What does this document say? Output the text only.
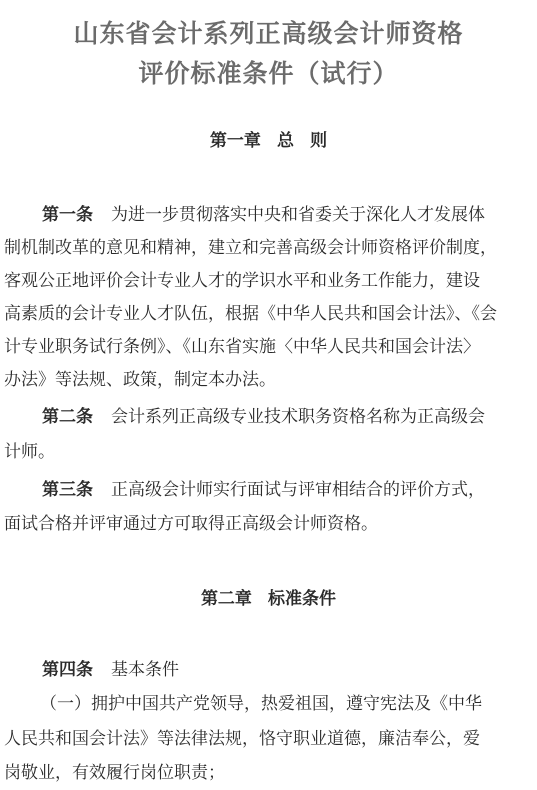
山东省会计系列正高级会计师资格
评价标准条件（试行）
第一章 总 则
第一条 为进一步贯彻落实中央和省委关于深化人才发展体
制机制改革的意见和精神，建立和完善高级会计师资格评价制度，
客观公正地评价会计专业人才的学识水平和业务工作能力，建设
高素质的会计专业人才队伍，根据《中华人民共和国会计法》、《会
计专业职务试行条例》、《山东省实施〈中华人民共和国会计法〉
办法》等法规、政策，制定本办法。
第二条 会计系列正高级专业技术职务资格名称为正高级会
计师。
第三条 正高级会计师实行面试与评审相结合的评价方式，
面试合格并评审通过方可取得正高级会计师资格。
第二章 标准条件
第四条 基本条件
（一）拥护中国共产党领导，热爱祖国，遵守宪法及《中华
人民共和国会计法》等法律法规，恪守职业道德，廉洁奉公，爱
岗敬业，有效履行岗位职责；
